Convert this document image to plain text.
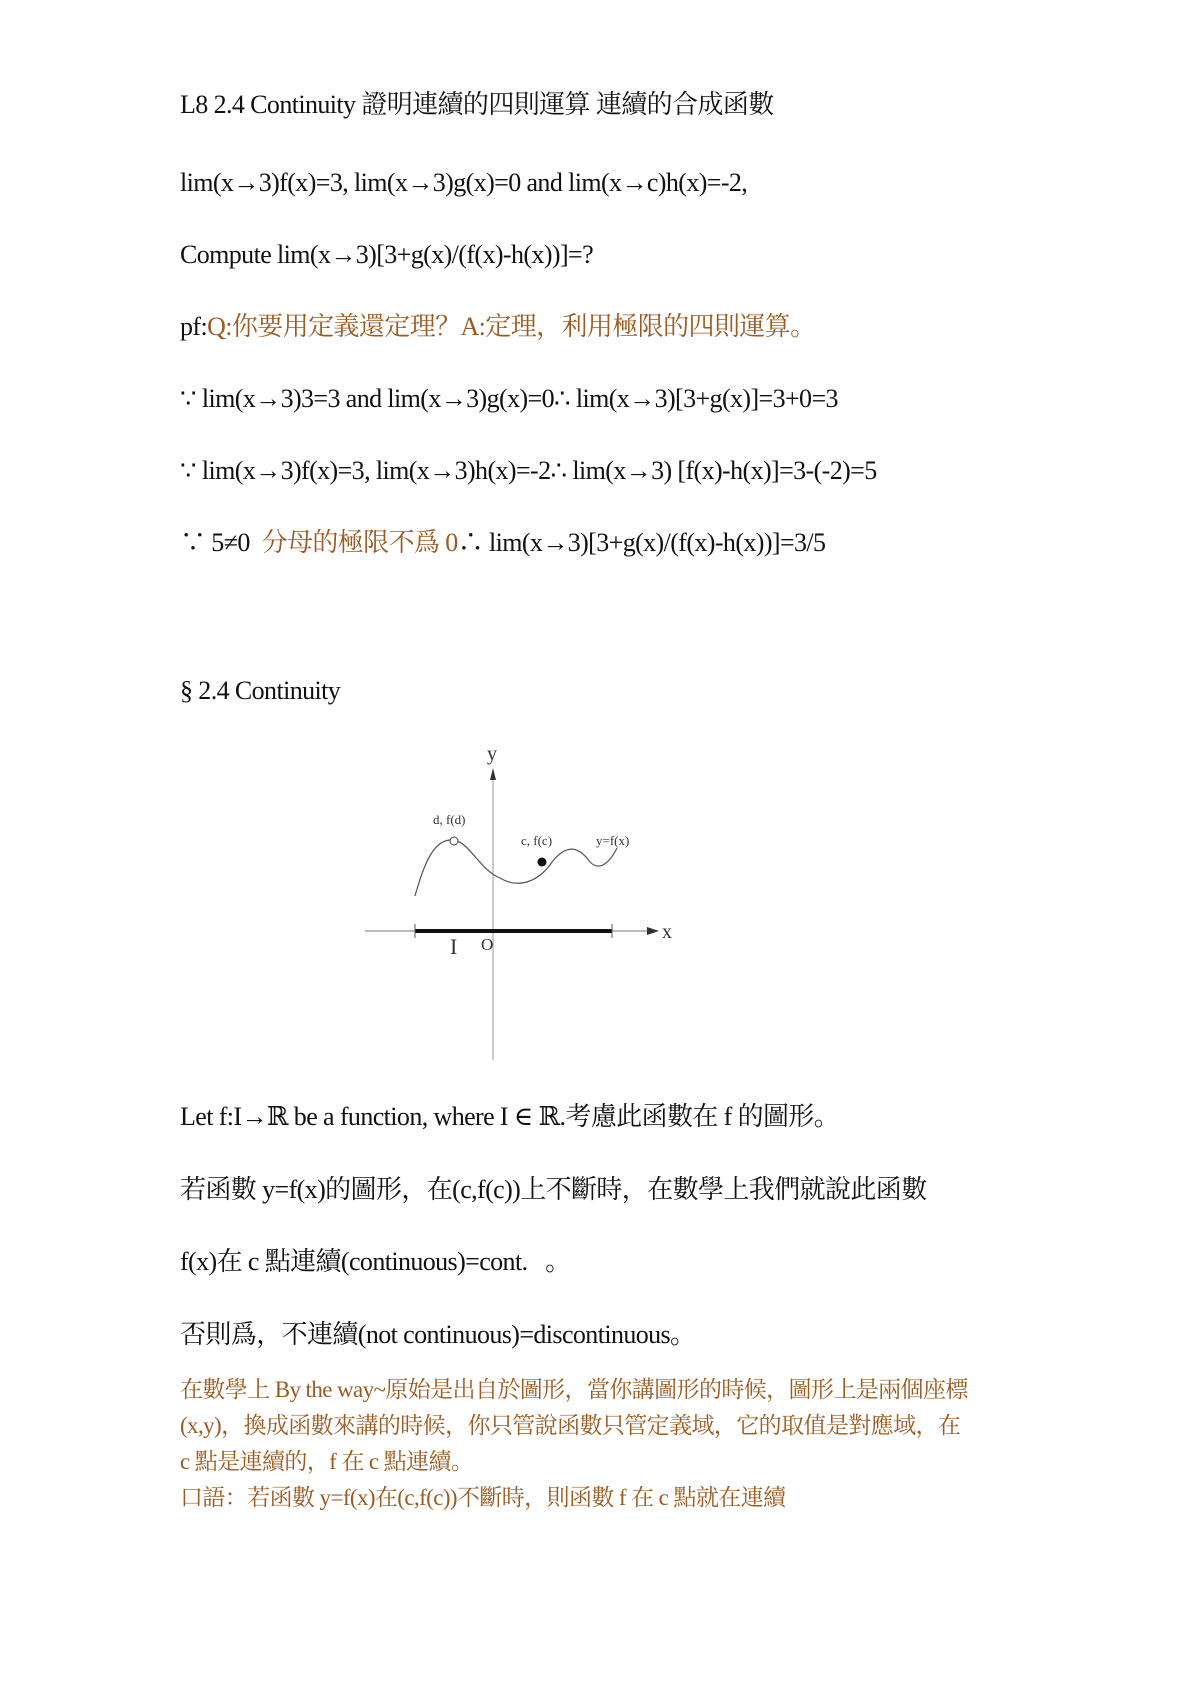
L8 2.4 Continuity 證明連續的四則運算 連續的合成函數
lim(x→3)f(x)=3, lim(x→3)g(x)=0 and lim(x→c)h(x)=-2,
Compute lim(x→3)[3+g(x)/(f(x)-h(x))]=?
pf:Q:你要用定義還定理？A:定理，利用極限的四則運算。
∵ lim(x→3)3=3 and lim(x→3)g(x)=0∴ lim(x→3)[3+g(x)]=3+0=3
∵ lim(x→3)f(x)=3, lim(x→3)h(x)=-2∴ lim(x→3) [f(x)-h(x)]=3-(-2)=5
∵ 5≠0  分母的極限不爲 0∴ lim(x→3)[3+g(x)/(f(x)-h(x))]=3/5
§ 2.4 Continuity
y
x
O
I
d, f(d)
c, f(c)	y=f(x)
Let f:I→ℝ be a function, where I ∈ ℝ.考慮此函數在 f 的圖形。
若函數 y=f(x)的圖形，在(c,f(c))上不斷時，在數學上我們就說此函數
f(x)在 c 點連續(continuous)=cont.   。
否則爲，不連續(not continuous)=discontinuous。
在數學上 By the way~原始是出自於圖形，當你講圖形的時候，圖形上是兩個座標
(x,y)，換成函數來講的時候，你只管說函數只管定義域，它的取值是對應域，在
c 點是連續的，f 在 c 點連續。
口語：若函數 y=f(x)在(c,f(c))不斷時，則函數 f 在 c 點就在連續
